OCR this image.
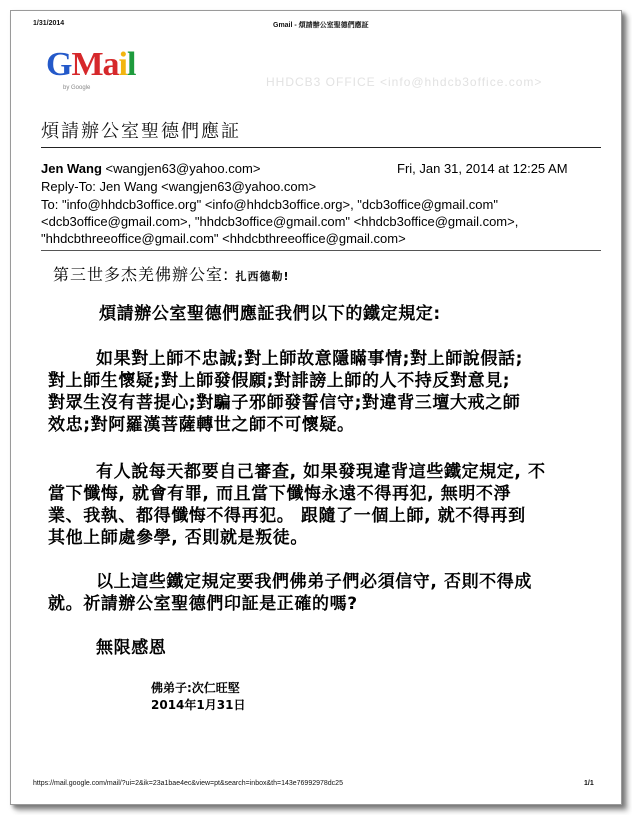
1/31/2014	Gmail - 煩請辦公室聖德們應証
GMail
by Google	HHDCB3 OFFICE <info@hhdcb3office.com>
煩請辦公室聖德們應証
Jen Wang <wangjen63@yahoo.com>	Fri, Jan 31, 2014 at 12:25 AM
Reply-To: Jen Wang <wangjen63@yahoo.com>
To: "info@hhdcb3office.org" <info@hhdcb3office.org>, "dcb3office@gmail.com"
<dcb3office@gmail.com>, "hhdcb3office@gmail.com" <hhdcb3office@gmail.com>,
"hhdcbthreeoffice@gmail.com" <hhdcbthreeoffice@gmail.com>
第三世多杰羌佛辦公室: 扎西德勒!
煩請辦公室聖德們應証我們以下的鐵定規定:
如果對上師不忠誠;對上師故意隱瞞事情;對上師說假話;
對上師生懷疑;對上師發假願;對誹謗上師的人不持反對意見;
對眾生沒有菩提心;對騙子邪師發誓信守;對違背三壇大戒之師
效忠;對阿羅漢菩薩轉世之師不可懷疑。
有人說每天都要自己審查, 如果發現違背這些鐵定規定, 不
當下懺悔, 就會有罪, 而且當下懺悔永遠不得再犯, 無明不淨
業、我執、都得懺悔不得再犯。 跟隨了一個上師, 就不得再到
其他上師處參學, 否則就是叛徒。
以上這些鐵定規定要我們佛弟子們必須信守, 否則不得成
就。祈請辦公室聖德們印証是正確的嗎?
無限感恩
佛弟子:次仁旺堅
2014年1月31日
https://mail.google.com/mail/?ui=2&ik=23a1bae4ec&view=pt&search=inbox&th=143e76992978dc25	1/1
